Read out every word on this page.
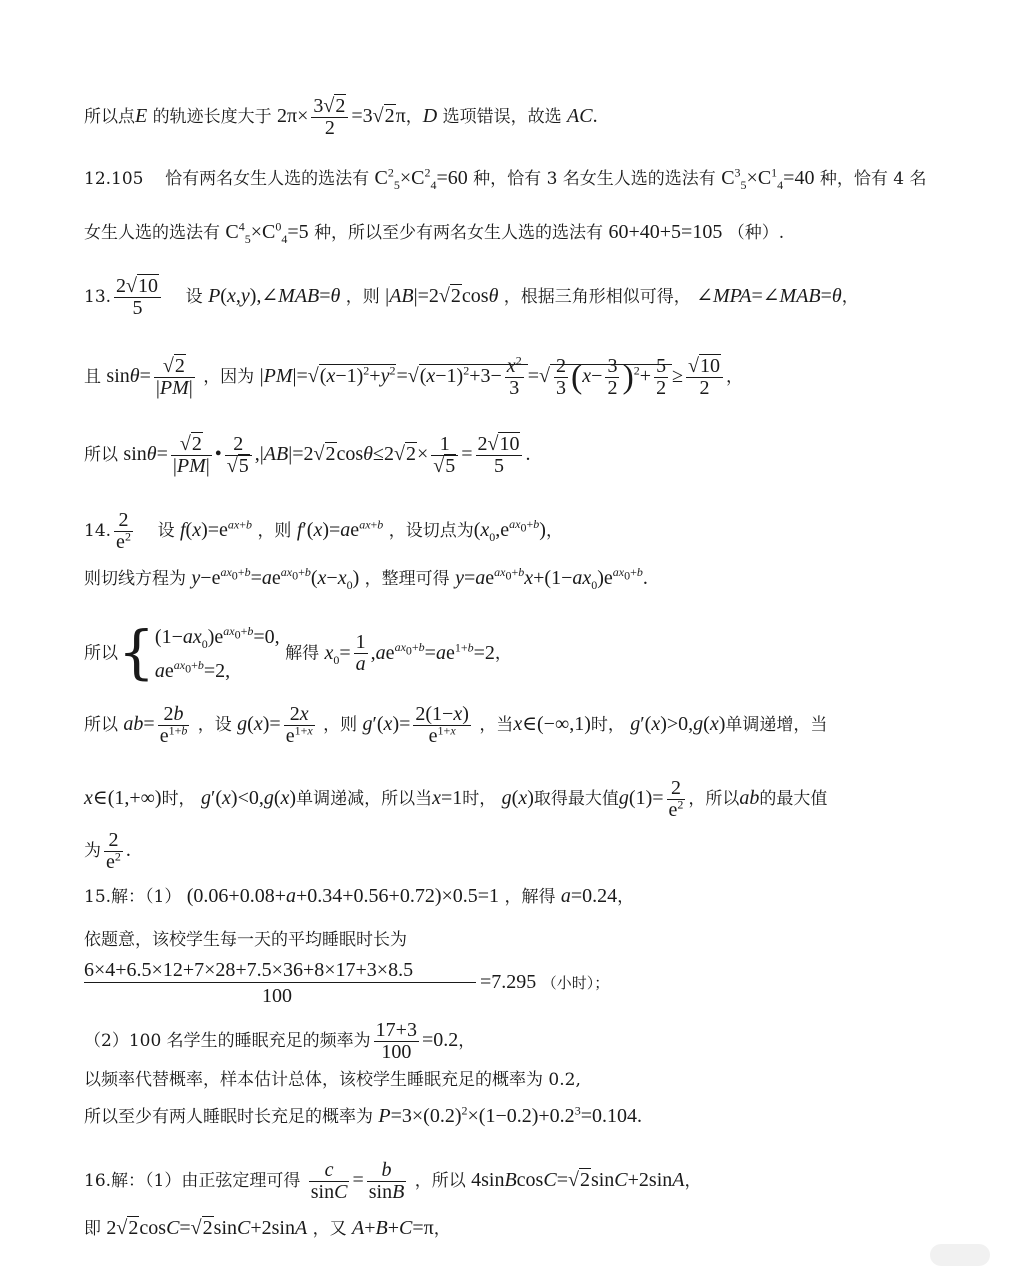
所以点E 的轨迹长度大于 $2\pi\times \frac{3√2}{2} =3√2\pi$，D 选项错误，故选 AC.
12.105 恰有两名女生人选的选法有 $C^2_5\times C^2_4=60$ 种，恰有 3 名女生人选的选法有 $C^3_5\times C^1_4=40$ 种，恰有 4 名
女生人选的选法有 $C^4_5\times C^0_4=5$ 种，所以至少有两名女生人选的选法有 60+40+5=105 （种）.
13. $\frac{2√10}{5}$ 设 P(x,y),∠MAB=θ ，则 |AB|=2√2cosθ ，根据三角形相似可得， ∠MPA=∠MAB=θ，
且 $\sin\theta= \frac{√2}{|PM|}$ ，因为 $|PM|=√(x-1)^2+y^2=√(x-1)^2+3- \frac{x^2}{3}$ =√ $\frac{2}{3} (x- \frac{3}{2} )^2+ \frac{5}{2} \ge \frac{√10}{2}$ ，
所以 $\sin\theta= \frac{√2}{|PM|}$ • $\frac{2}{√5} ,|AB|=2√2\cos\theta\le 2√2\times \frac{1}{√5} = \frac{2√10}{5}$ .
14. $\frac{2}{e^2}$ 设 $f(x)=e^{ax+b}$ ，则 $f'(x)=ae^{ax+b}$ ，设切点为$(x_0,e^{ax_0+b})$，
则切线方程为 $y-e^{ax_0+b}=ae^{ax_0+b}(x-x_0)$ ，整理可得 $y=ae^{ax_0+b}x+(1-ax_0)e^{ax_0+b}$.
所以{ $(1-ax_0)e^{ax_0+b}=0$,
$ae^{ax_0+b}=2$,
解得 $x_0= \frac{1}{a} ,ae^{ax_0+b}=ae^{1+b}=2$，
所以 $ab= \frac{2b}{e^{1+b}}$ ，设 $g(x)= \frac{2x}{e^{1+x}}$ ，则 $g'(x)= \frac{2(1-x)}{e^{1+x}}$ ，当x∈(−∞,1)时， g′(x)>0,g(x)单调递增，当
x∈(1,+∞)时， g′(x)<0,g(x)单调递减，所以当x=1时， g(x)取得最大值$g(1)= \frac{2}{e^2}$ ，所以ab的最大值
为 $\frac{2}{e^2}$ .
15.解：（1） (0.06+0.08+a+0.34+0.56+0.72)×0.5=1 ，解得 a=0.24，
依题意，该校学生每一天的平均睡眠时长为
6×4+6.5×12+7×28+7.5×36+8×17+3×8.5
100
=7.295 （小时）；
（2）100 名学生的睡眠充足的频率为 $\frac{17+3}{100} =0.2$，
以频率代替概率，样本估计总体，该校学生睡眠充足的概率为 0.2,
所以至少有两人睡眠时长充足的概率为 $P=3\times(0.2)^2\times(1-0.2)+0.2^3=0.104$.
16.解：（1）由正弦定理可得 $\frac{c}{\sin C} = \frac{b}{\sin B}$ ，所以 4sinBcosC=√2sinC+2sinA，
即 2√2cosC=√2sinC+2sinA ，又 A+B+C=π，
